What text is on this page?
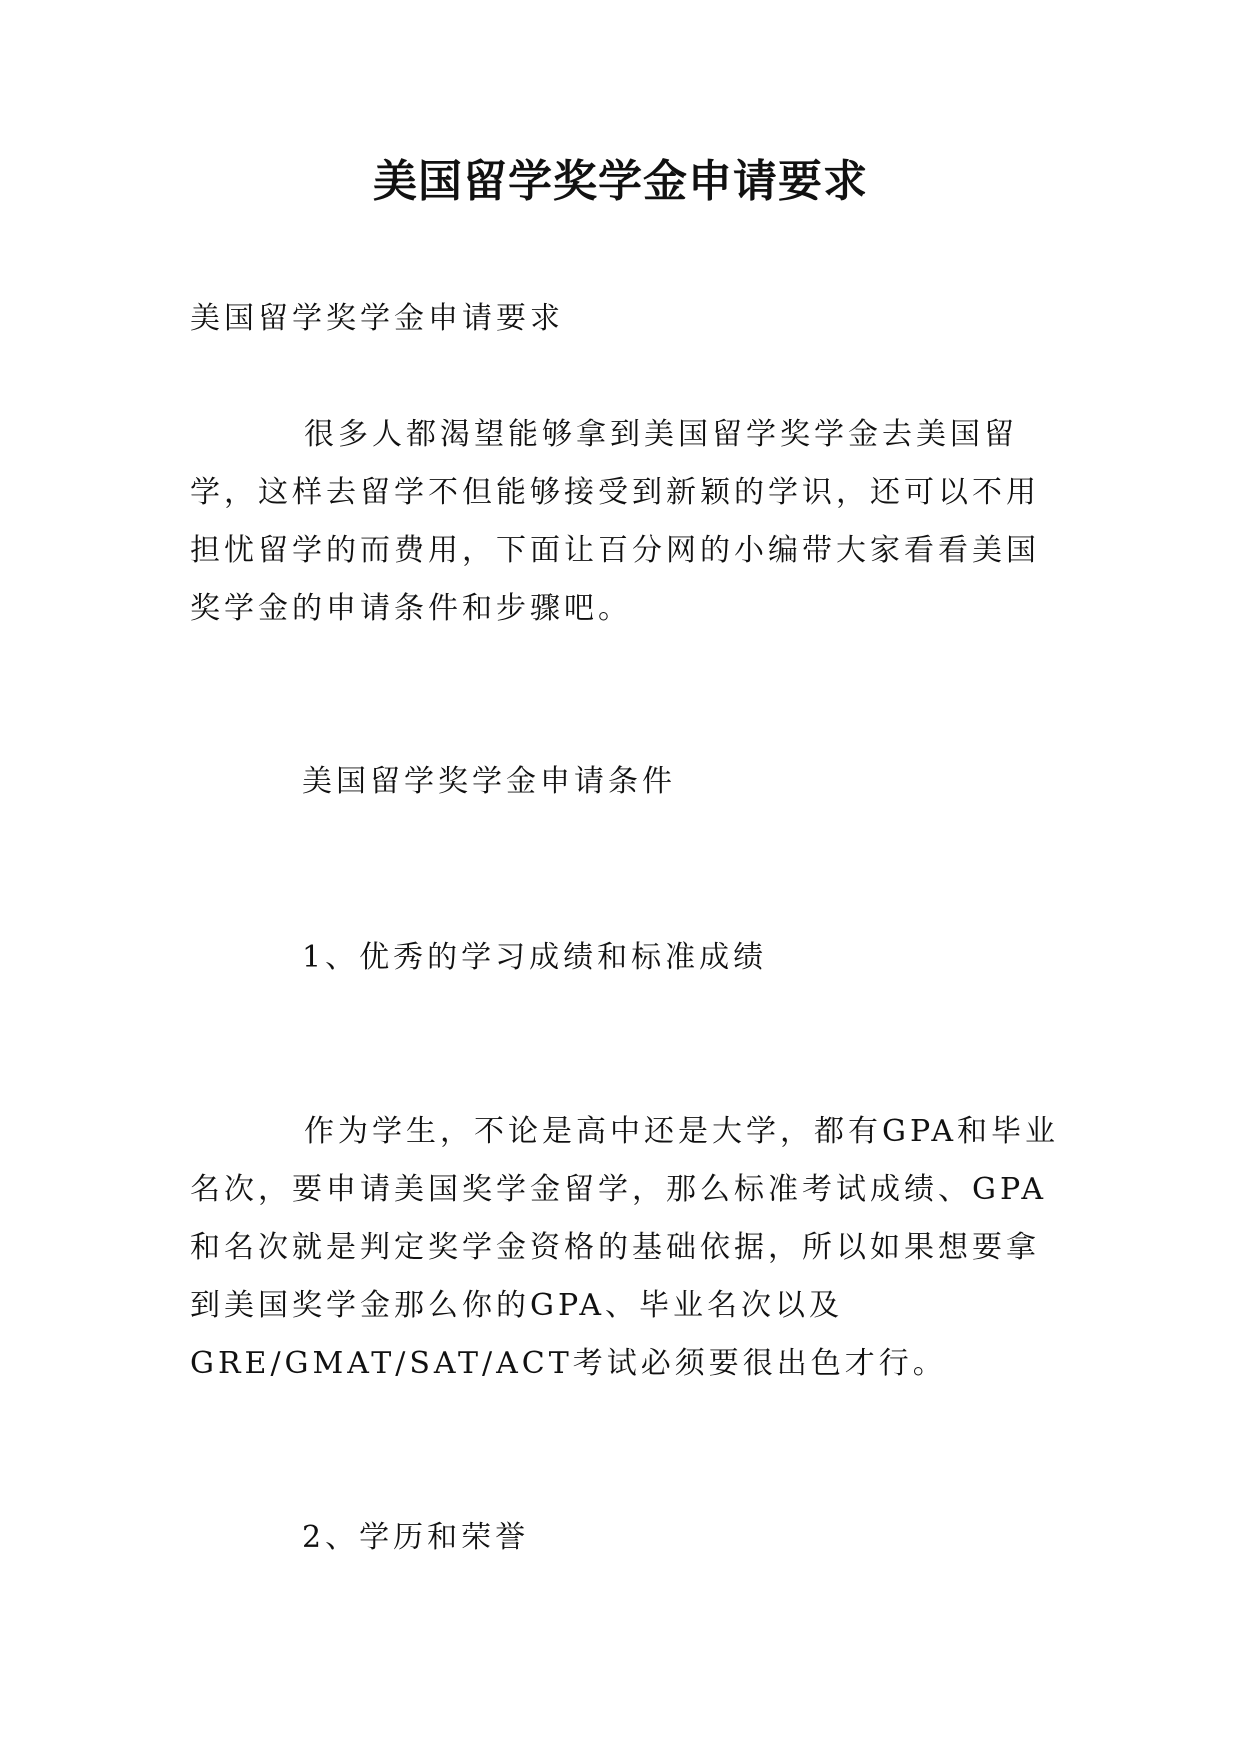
美国留学奖学金申请要求

美国留学奖学金申请要求

很多人都渴望能够拿到美国留学奖学金去美国留学，这样去留学不但能够接受到新颖的学识，还可以不用担忧留学的而费用，下面让百分网的小编带大家看看美国奖学金的申请条件和步骤吧。

美国留学奖学金申请条件

1、优秀的学习成绩和标准成绩

作为学生，不论是高中还是大学，都有GPA和毕业名次，要申请美国奖学金留学，那么标准考试成绩、GPA和名次就是判定奖学金资格的基础依据，所以如果想要拿到美国奖学金那么你的GPA、毕业名次以及GRE/GMAT/SAT/ACT考试必须要很出色才行。

2、学历和荣誉
